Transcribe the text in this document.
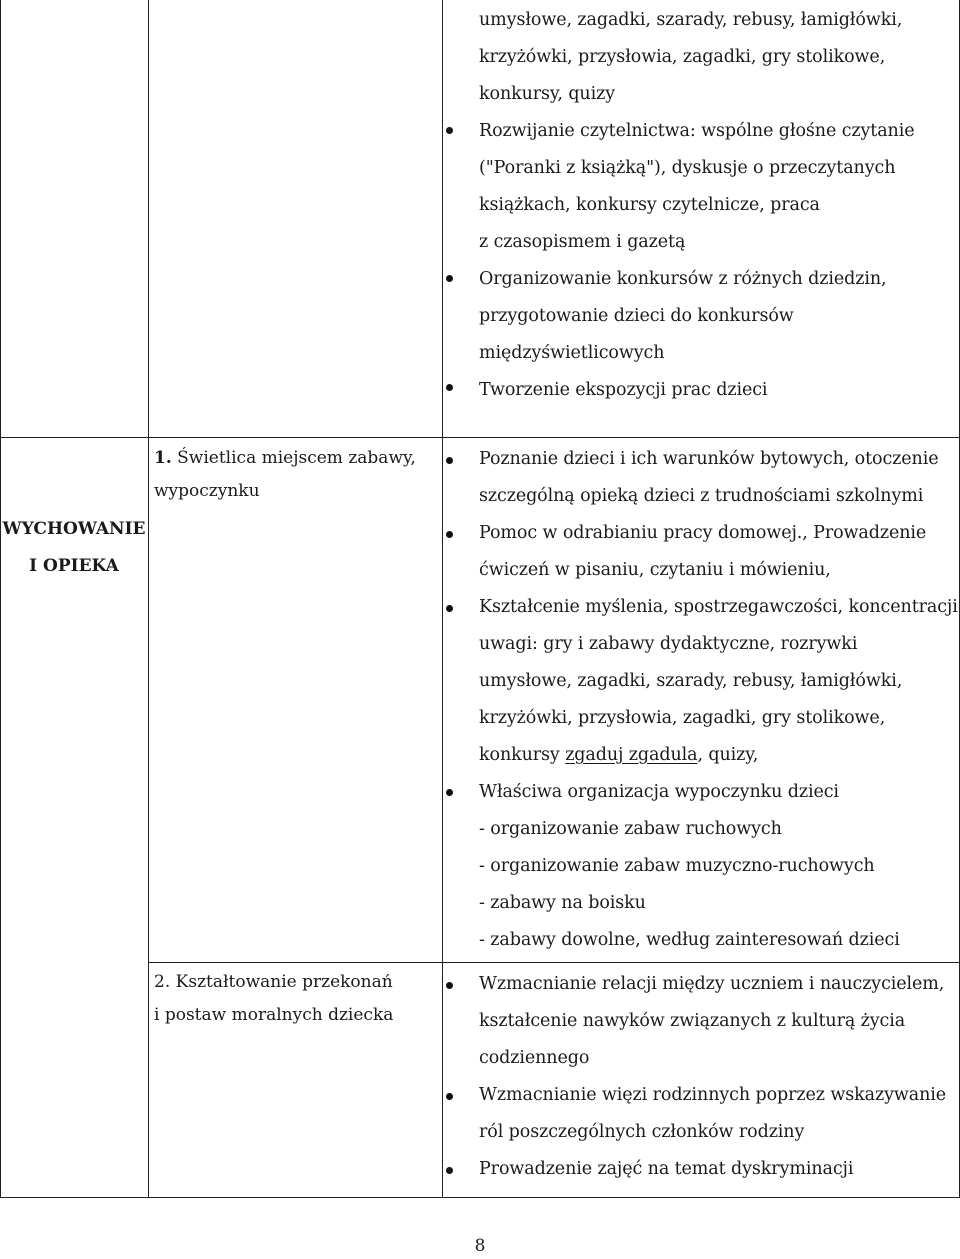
umysłowe, zagadki, szarady, rebusy, łamigłówki,
krzyżówki, przysłowia, zagadki, gry stolikowe,
konkursy, quizy
Rozwijanie czytelnictwa: wspólne głośne czytanie
("Poranki z książką"), dyskusje o przeczytanych
książkach, konkursy czytelnicze, praca
z czasopismem i gazetą
Organizowanie konkursów z różnych dziedzin,
przygotowanie dzieci do konkursów
międzyświetlicowych
Tworzenie ekspozycji prac dzieci
WYCHOWANIE
I OPIEKA
1. Świetlica miejscem zabawy,
wypoczynku
Poznanie dzieci i ich warunków bytowych, otoczenie
szczególną opieką dzieci z trudnościami szkolnymi
Pomoc w odrabianiu pracy domowej., Prowadzenie
ćwiczeń w pisaniu, czytaniu i mówieniu,
Kształcenie myślenia, spostrzegawczości, koncentracji
uwagi: gry i zabawy dydaktyczne, rozrywki
umysłowe, zagadki, szarady, rebusy, łamigłówki,
krzyżówki, przysłowia, zagadki, gry stolikowe,
konkursy zgaduj zgadula, quizy,
Właściwa organizacja wypoczynku dzieci
- organizowanie zabaw ruchowych
- organizowanie zabaw muzyczno-ruchowych
- zabawy na boisku
- zabawy dowolne, według zainteresowań dzieci
2. Kształtowanie przekonań
i postaw moralnych dziecka
Wzmacnianie relacji między uczniem i nauczycielem,
kształcenie nawyków związanych z kulturą życia
codziennego
Wzmacnianie więzi rodzinnych poprzez wskazywanie
ról poszczególnych członków rodziny
Prowadzenie zajęć na temat dyskryminacji
8
